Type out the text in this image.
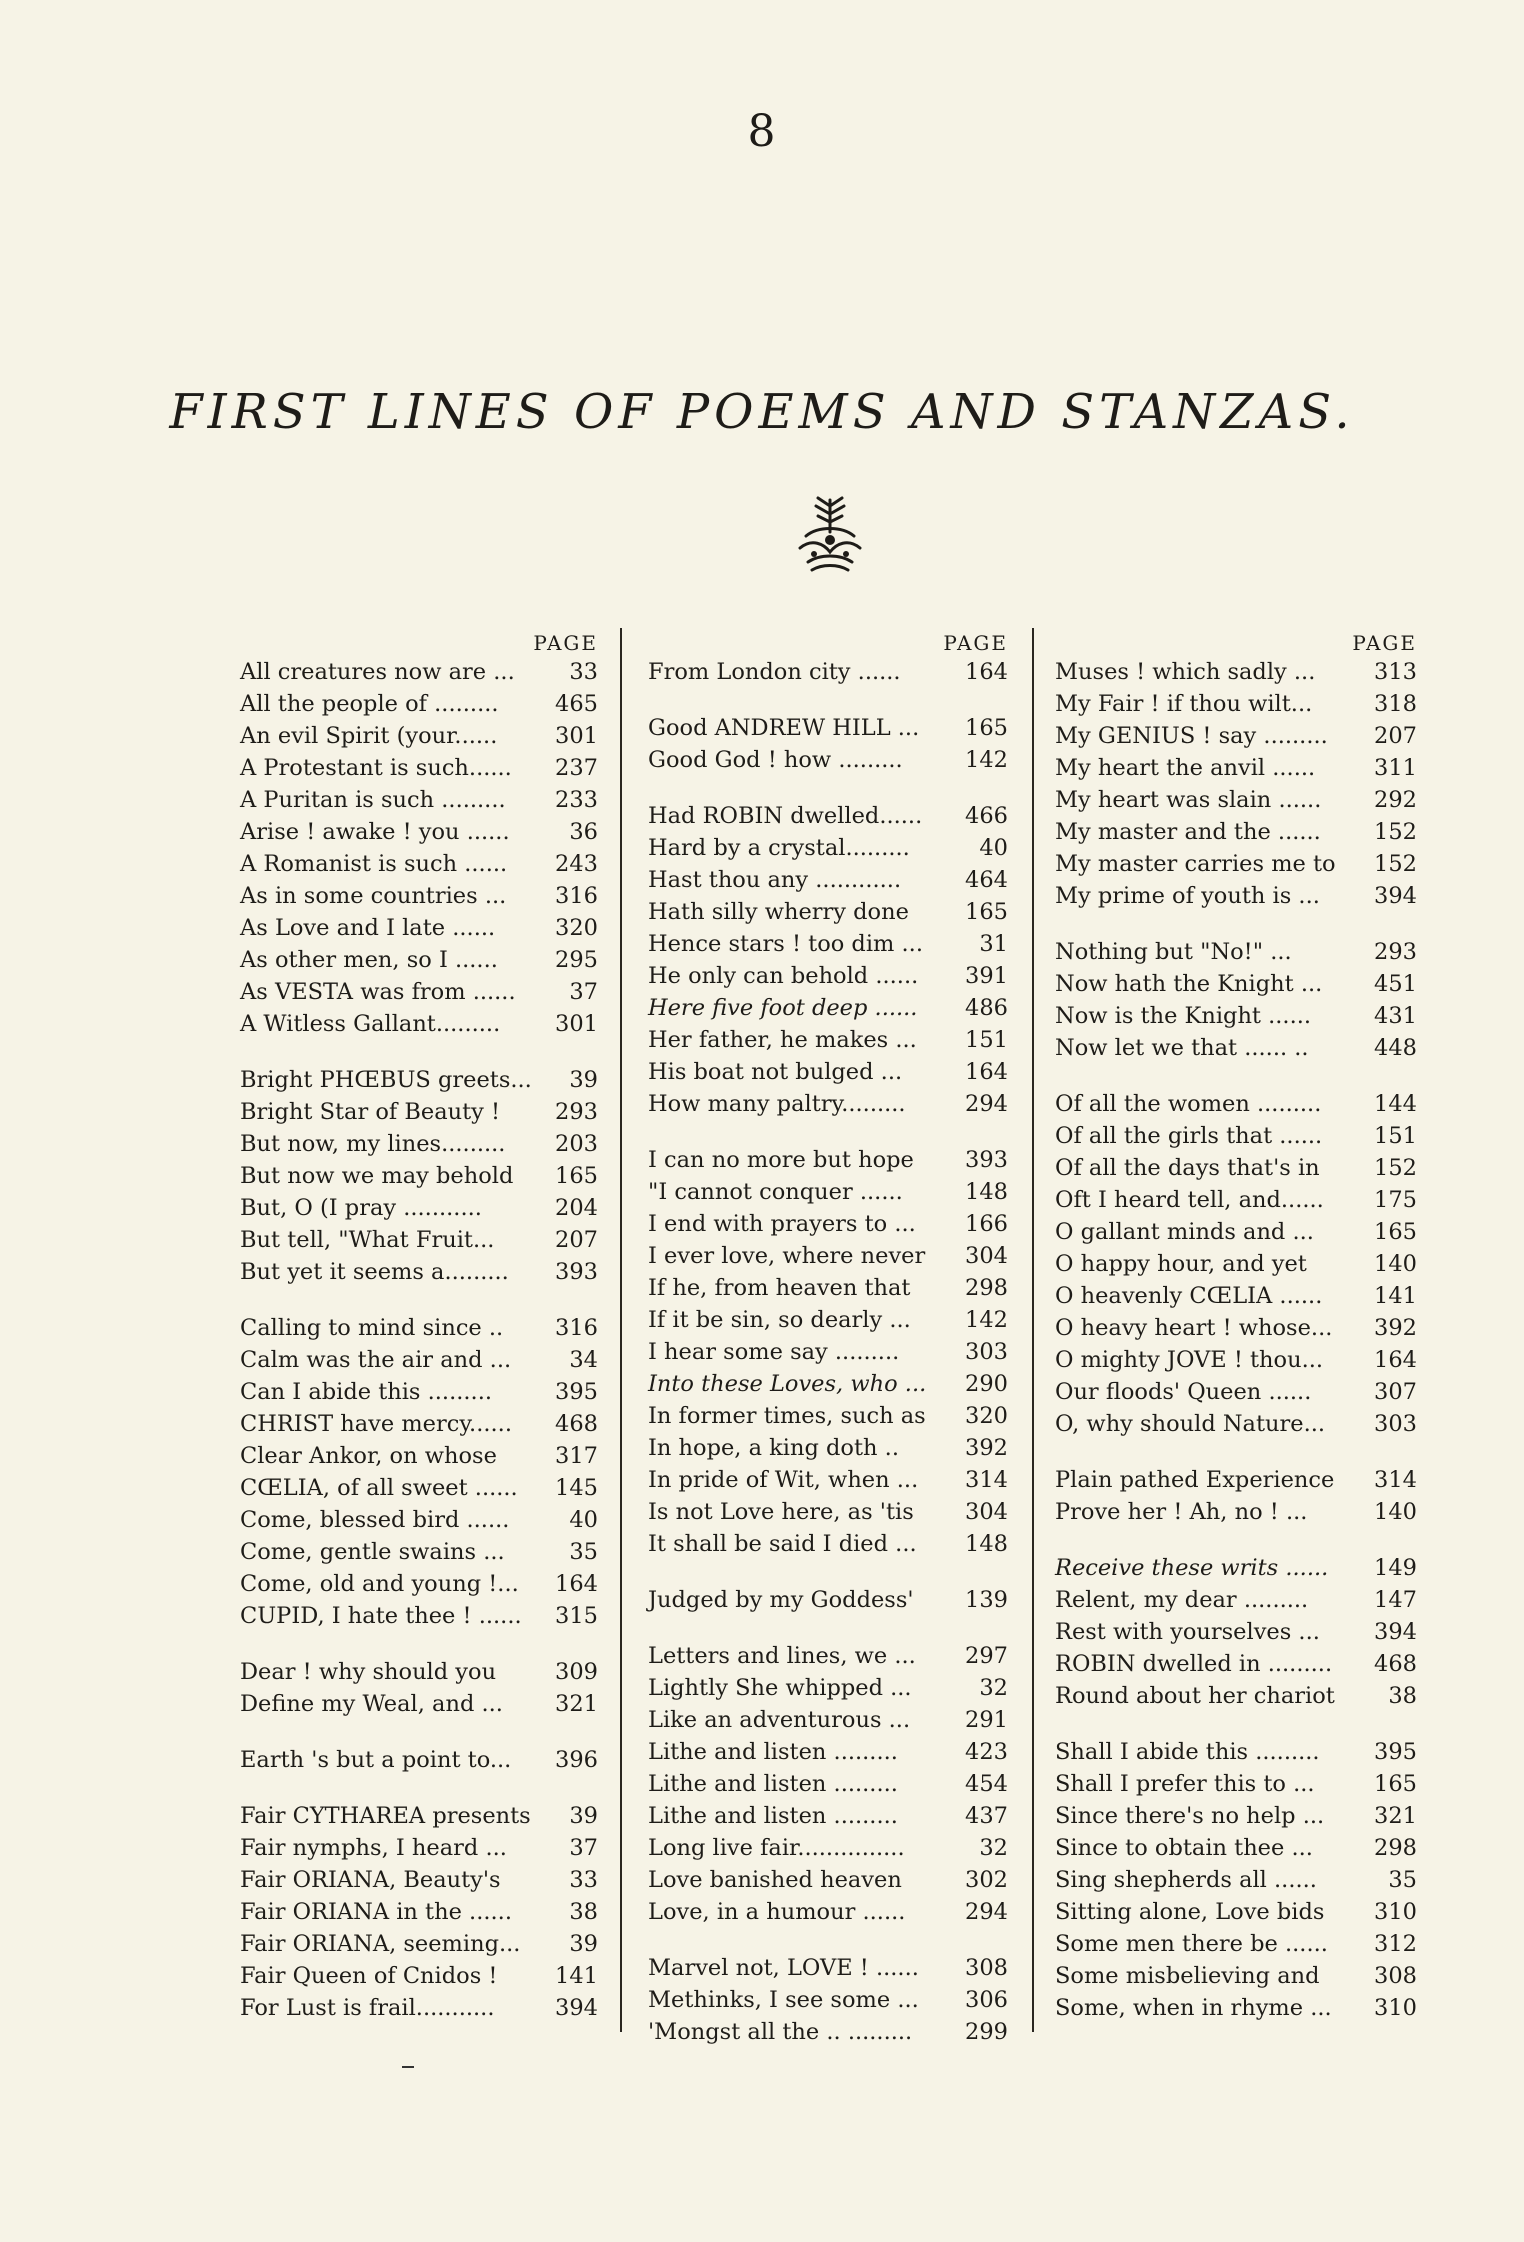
8
FIRST LINES OF POEMS AND STANZAS.
PAGE
All creatures now are ... 33
All the people of .........	465
An evil Spirit (your......	301
A Protestant is such...... 237
A Puritan is such ......... 233
Arise ! awake ! you ......	36
A Romanist is such ...... 243
As in some countries ... 316
As Love and I late ......	320
As other men, so I ......	295
As VESTA was from ...... 37
A Witless Gallant......... 301
Bright PHŒBUS greets... 39
Bright Star of Beauty ! 293
But now, my lines......... 203
But now we may behold 165
But, O (I pray ...........	204
But tell, "What Fruit...	207
But yet it seems a......... 393
Calling to mind since .. 316
Calm was the air and ...	34
Can I abide this .........	395
CHRIST have mercy...... 468
Clear Ankor, on whose	317
CŒLIA, of all sweet ...... 145
Come, blessed bird ......	40
Come, gentle swains ...	35
Come, old and young !... 164
CUPID, I hate thee ! ...... 315
Dear ! why should you	309
Define my Weal, and ... 321
Earth 's but a point to... 396
Fair CYTHAREA presents 39
Fair nymphs, I heard ...	37
Fair ORIANA, Beauty's	33
Fair ORIANA in the ......	38
Fair ORIANA, seeming... 39
Fair Queen of Cnidos !	141
For Lust is frail...........	394
PAGE
From London city ......	164
Good ANDREW HILL ... 165
Good God ! how .........	142
Had ROBIN dwelled...... 466
Hard by a crystal.........	40
Hast thou any ............	464
Hath silly wherry done 165
Hence stars ! too dim ...	31
He only can behold ...... 391
Here five foot deep ...... 486
Her father, he makes ... 151
His boat not bulged ...	164
How many paltry.........	294
I can no more but hope 393
"I cannot conquer ......	148
I end with prayers to ... 166
I ever love, where never 304
If he, from heaven that 298
If it be sin, so dearly ... 142
I hear some say .........	303
Into these Loves, who ... 290
In former times, such as 320
In hope, a king doth ..	392
In pride of Wit, when ... 314
Is not Love here, as 'tis 304
It shall be said I died ... 148
Judged by my Goddess' 139
Letters and lines, we ... 297
Lightly She whipped ...	32
Like an adventurous ... 291
Lithe and listen .........	423
Lithe and listen .........	454
Lithe and listen .........	437
Long live fair...............	32
Love banished heaven	302
Love, in a humour ......	294
Marvel not, LOVE ! ...... 308
Methinks, I see some ... 306
'Mongst all the .. ......... 299
PAGE
Muses ! which sadly ...	313
My Fair ! if thou wilt...	318
My GENIUS ! say ......... 207
My heart the anvil ......	311
My heart was slain ...... 292
My master and the ...... 152
My master carries me to 152
My prime of youth is ... 394
Nothing but "No!" ...	293
Now hath the Knight ... 451
Now is the Knight ......	431
Now let we that ...... ..	448
Of all the women ......... 144
Of all the girls that ...... 151
Of all the days that's in 152
Oft I heard tell, and...... 175
O gallant minds and ...	165
O happy hour, and yet	140
O heavenly CŒLIA ...... 141
O heavy heart ! whose... 392
O mighty JOVE ! thou... 164
Our floods' Queen ......	307
O, why should Nature... 303
Plain pathed Experience 314
Prove her ! Ah, no ! ...	140
Receive these writs ...... 149
Relent, my dear .........	147
Rest with yourselves ... 394
ROBIN dwelled in ......... 468
Round about her chariot 38
Shall I abide this ......... 395
Shall I prefer this to ...	165
Since there's no help ... 321
Since to obtain thee ...	298
Sing shepherds all ......	35
Sitting alone, Love bids 310
Some men there be ...... 312
Some misbelieving and 308
Some, when in rhyme ... 310
